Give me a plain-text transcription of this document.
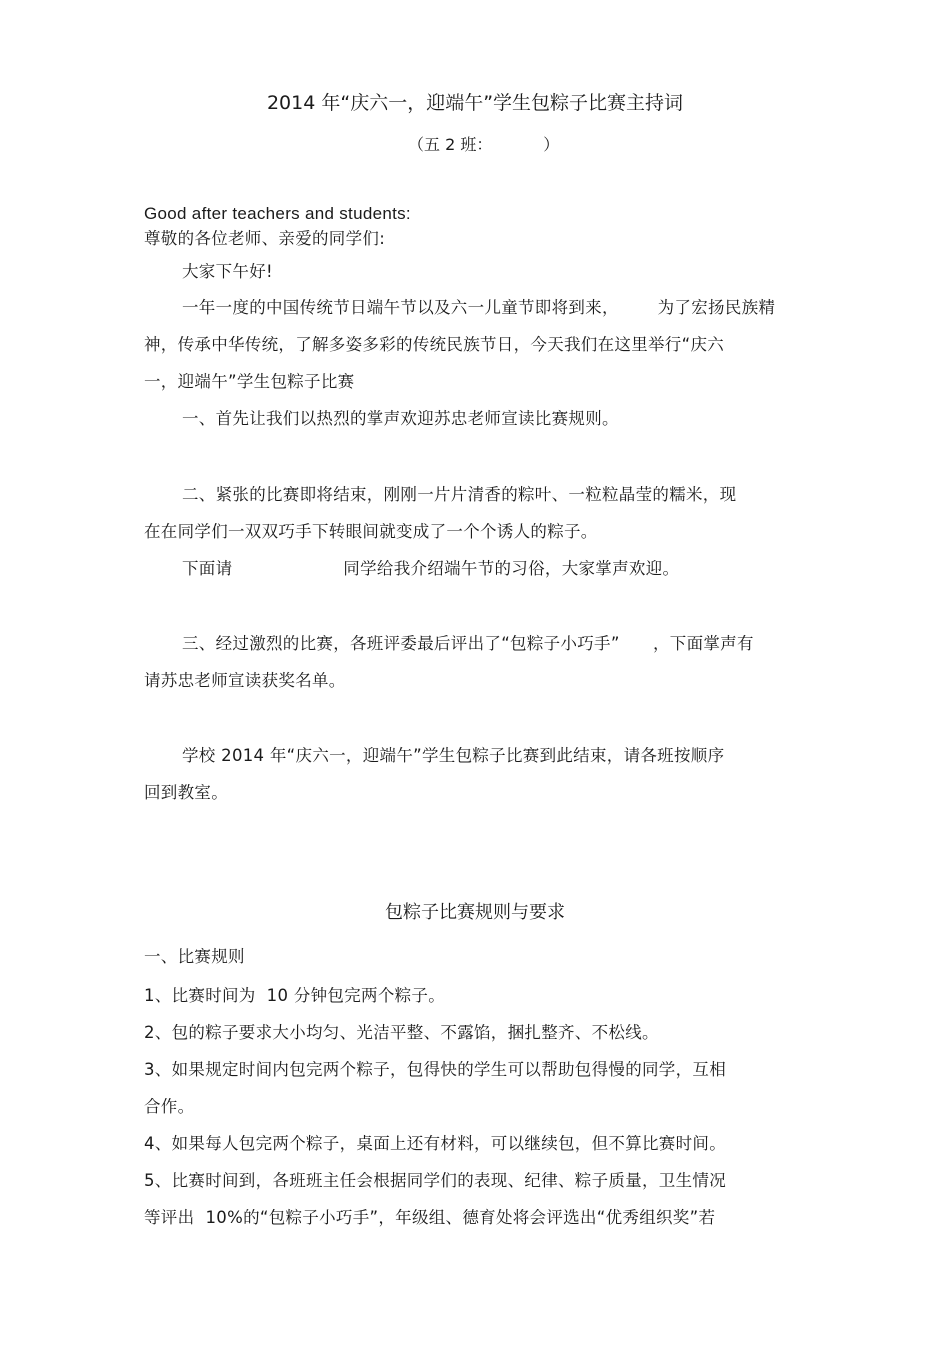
2014 年“庆六一，迎端午”学生包粽子比赛主持词
（五 2 班：          ）
Good after teachers and students:
尊敬的各位老师、亲爱的同学们:
大家下午好!
一年一度的中国传统节日端午节以及六一儿童节即将到来，       为了宏扬民族精
神，传承中华传统，了解多姿多彩的传统民族节日，今天我们在这里举行“庆六
一，迎端午”学生包粽子比赛
一、首先让我们以热烈的掌声欢迎苏忠老师宣读比赛规则。
二、紧张的比赛即将结束，刚刚一片片清香的粽叶、一粒粒晶莹的糯米，现
在在同学们一双双巧手下转眼间就变成了一个个诱人的粽子。
下面请                    同学给我介绍端午节的习俗，大家掌声欢迎。
三、经过激烈的比赛，各班评委最后评出了“包粽子小巧手”      ，下面掌声有
请苏忠老师宣读获奖名单。
学校 2014 年“庆六一，迎端午”学生包粽子比赛到此结束，请各班按顺序
回到教室。
包粽子比赛规则与要求
一、比赛规则
1、比赛时间为  10 分钟包完两个粽子。
2、包的粽子要求大小均匀、光洁平整、不露馅，捆扎整齐、不松线。
3、如果规定时间内包完两个粽子，包得快的学生可以帮助包得慢的同学，互相
合作。
4、如果每人包完两个粽子，桌面上还有材料，可以继续包，但不算比赛时间。
5、比赛时间到，各班班主任会根据同学们的表现、纪律、粽子质量，卫生情况
等评出  10%的“包粽子小巧手”，年级组、德育处将会评选出“优秀组织奖”若
